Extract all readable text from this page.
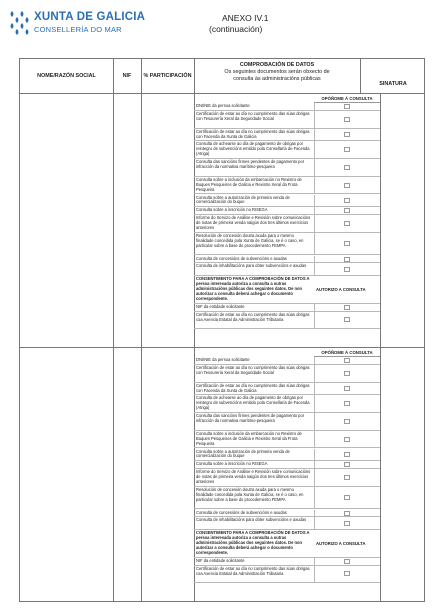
XUNTA DE GALICIA
CONSELLERÍA DO MAR
ANEXO IV.1
(continuación)
NOME/RAZÓN SOCIAL	NIF	% PARTICIPACIÓN
COMPROBACIÓN DE DATOS
Os seguintes documentos serán obxecto de
consulta ás administracións públicas
SINATURA
OPÓÑOME Á CONSULTA
DNI/NIE da persoa solicitante
Certificación de estar ao día no cumprimento das súas obrigas con Tesourería Xeral da Seguridade Social
Certificación de estar ao día no cumprimento das súas obrigas con Facenda da Xunta de Galicia
Consulta de achearse ao día de pagamento de obrigas por reintegro de subvencións emitido pola Consellaría de Facenda (Atriga)
Consulta das sancións firmes pendentes de pagamento por infracción da normativa marítimo-pesqueira
Consulta sobre a inclusión da embarcación no Rexistro de Buques Pesqueiros de Galicia e Rexistro Xeral da Frota Pesqueira
Consulta sobre a autorización de primeira venda de comercialización do buque
Consulta sobre a inscrición no RISEGA
Informe do Servizo de Análise e Revisión sobre comunicacións de notas de primeira venda naigún dos tres últimos exercicios anteriores
Resolución de concesión doutra axuda para o mesmo finalidade concedida pola Xunta de Galicia, se é o caso, en particular sobre a base do procedemento FEMPA
Consulta de concesións de subvencións e axudas
Consulta de inhabilitacións para obter subvencións e axudas
CONSENTIMENTO PARA A COMPROBACIÓN DE DATOS A persoa interesada autoriza a consulta a outras administracións públicas dos seguintes datos. De non autorizar a consulta deberá achegar o documento correspondente.
AUTORIZO A CONSULTA
NIF da entidade solicitante
Certificación de estar ao día no cumprimento das súas obrigas coa Axencia Estatal da Administración Tributaria
OPÓÑOME Á CONSULTA
DNI/NIE da persoa solicitante
Certificación de estar ao día no cumprimento das súas obrigas con Tesourería Xeral da Seguridade Social
Certificación de estar ao día no cumprimento das súas obrigas con Facenda da Xunta de Galicia
Consulta de achearse ao día de pagamento de obrigas por reintegro de subvencións emitido pola Consellaría de Facenda (Atriga)
Consulta das sancións firmes pendentes de pagamento por infracción da normativa marítimo-pesqueira
Consulta sobre a inclusión da embarcación no Rexistro de Buques Pesqueiros de Galicia e Rexistro Xeral da Frota Pesqueira
Consulta sobre a autorización de primeira venda de comercialización do buque
Consulta sobre a inscrición no RISEGA
Informe do Servizo de Análise e Revisión sobre comunicacións de notas de primeira venda naigún dos tres últimos exercicios anteriores
Resolución de concesión doutra axuda para o mesmo finalidade concedida pola Xunta de Galicia, se é o caso, en particular sobre a base do procedemento FEMPA
Consulta de concesións de subvencións e axudas
Consulta de inhabilitacións para obter subvencións e axudas
CONSENTIMENTO PARA A COMPROBACIÓN DE DATOS A persoa interesada autoriza a consulta a outras administracións públicas dos seguintes datos. De non autorizar a consulta deberá achegar o documento correspondente.
AUTORIZO A CONSULTA
NIF da entidade solicitante
Certificación de estar ao día no cumprimento das súas obrigas coa Axencia Estatal da Administración Tributaria
